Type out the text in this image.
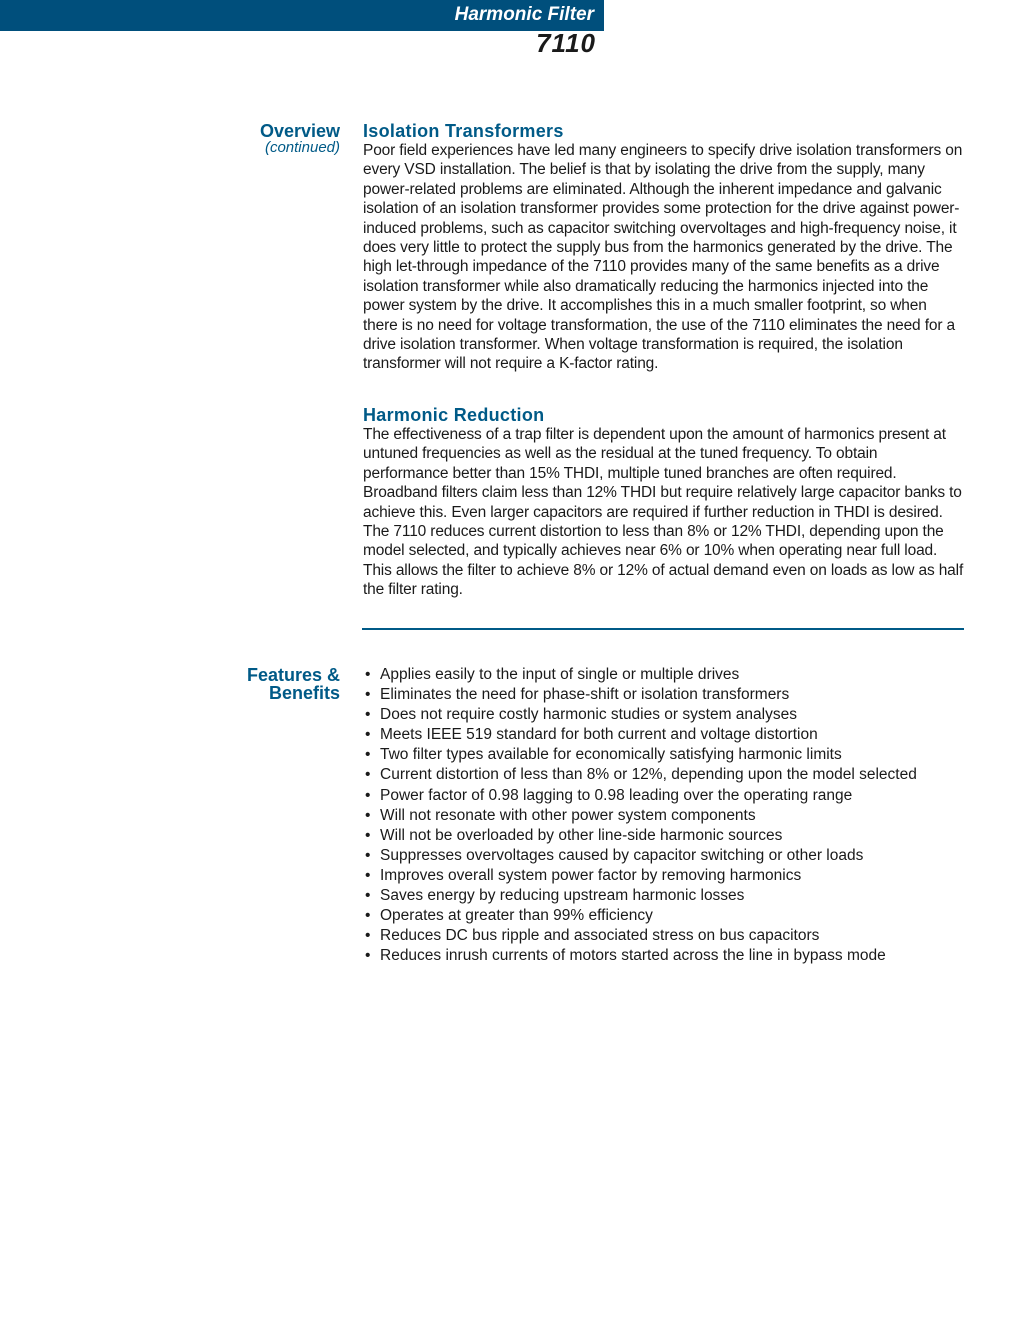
Harmonic Filter
7110
Overview
(continued)
Isolation Transformers

Poor field experiences have led many engineers to specify drive isolation transformers on every VSD installation. The belief is that by isolating the drive from the supply, many power-related problems are eliminated. Although the inherent impedance and galvanic isolation of an isolation transformer provides some protection for the drive against power-induced problems, such as capacitor switching overvoltages and high-frequency noise, it does very little to protect the supply bus from the harmonics generated by the drive. The high let-through impedance of the 7110 provides many of the same benefits as a drive isolation transformer while also dramatically reducing the harmonics injected into the power system by the drive. It accomplishes this in a much smaller footprint, so when there is no need for voltage transformation, the use of the 7110 eliminates the need for a drive isolation transformer. When voltage transformation is required, the isolation transformer will not require a K-factor rating.

Harmonic Reduction

The effectiveness of a trap filter is dependent upon the amount of harmonics present at untuned frequencies as well as the residual at the tuned frequency. To obtain performance better than 15% THDI, multiple tuned branches are often required. Broadband filters claim less than 12% THDI but require relatively large capacitor banks to achieve this. Even larger capacitors are required if further reduction in THDI is desired. The 7110 reduces current distortion to less than 8% or 12% THDI, depending upon the model selected, and typically achieves near 6% or 10% when operating near full load. This allows the filter to achieve 8% or 12% of actual demand even on loads as low as half the filter rating.

Features &
Benefits
• Applies easily to the input of single or multiple drives
• Eliminates the need for phase-shift or isolation transformers
• Does not require costly harmonic studies or system analyses
• Meets IEEE 519 standard for both current and voltage distortion
• Two filter types available for economically satisfying harmonic limits
• Current distortion of less than 8% or 12%, depending upon the model selected
• Power factor of 0.98 lagging to 0.98 leading over the operating range
• Will not resonate with other power system components
• Will not be overloaded by other line-side harmonic sources
• Suppresses overvoltages caused by capacitor switching or other loads
• Improves overall system power factor by removing harmonics
• Saves energy by reducing upstream harmonic losses
• Operates at greater than 99% efficiency
• Reduces DC bus ripple and associated stress on bus capacitors
• Reduces inrush currents of motors started across the line in bypass mode
